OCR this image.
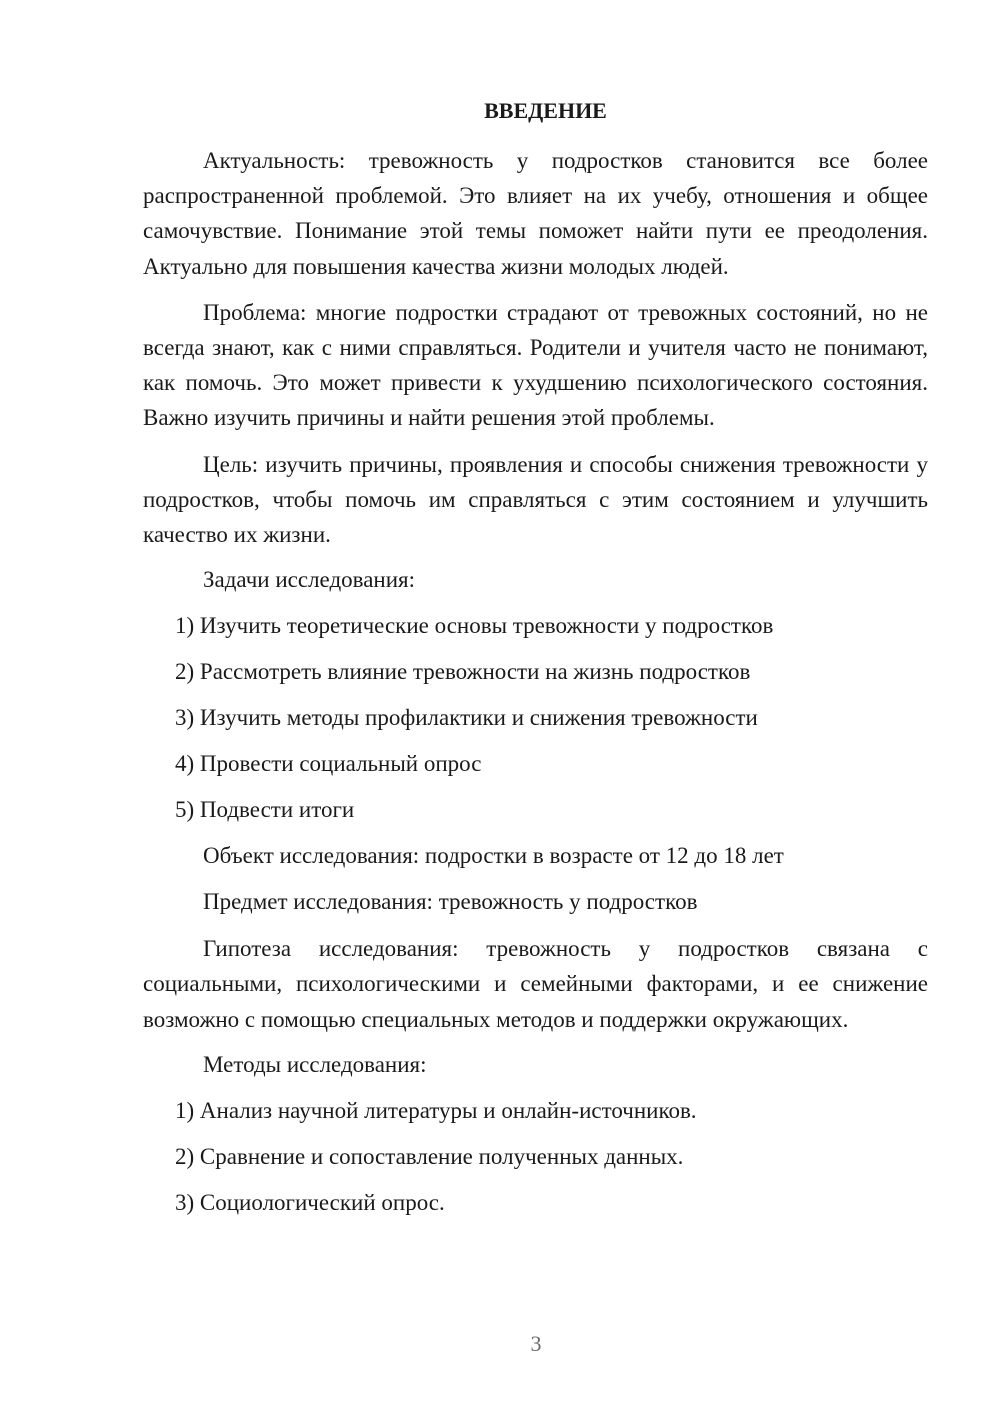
ВВЕДЕНИЕ

Актуальность: тревожность у подростков становится все более распространенной проблемой. Это влияет на их учебу, отношения и общее самочувствие. Понимание этой темы поможет найти пути ее преодоления. Актуально для повышения качества жизни молодых людей.

Проблема: многие подростки страдают от тревожных состояний, но не всегда знают, как с ними справляться. Родители и учителя часто не понимают, как помочь. Это может привести к ухудшению психологического состояния. Важно изучить причины и найти решения этой проблемы.

Цель: изучить причины, проявления и способы снижения тревожности у подростков, чтобы помочь им справляться с этим состоянием и улучшить качество их жизни.

Задачи исследования:
1) Изучить теоретические основы тревожности у подростков
2) Рассмотреть влияние тревожности на жизнь подростков
3) Изучить методы профилактики и снижения тревожности
4) Провести социальный опрос
5) Подвести итоги
Объект исследования: подростки в возрасте от 12 до 18 лет
Предмет исследования: тревожность у подростков

Гипотеза исследования: тревожность у подростков связана с социальными, психологическими и семейными факторами, и ее снижение возможно с помощью специальных методов и поддержки окружающих.

Методы исследования:
1) Анализ научной литературы и онлайн-источников.
2) Сравнение и сопоставление полученных данных.
3) Социологический опрос.
3
